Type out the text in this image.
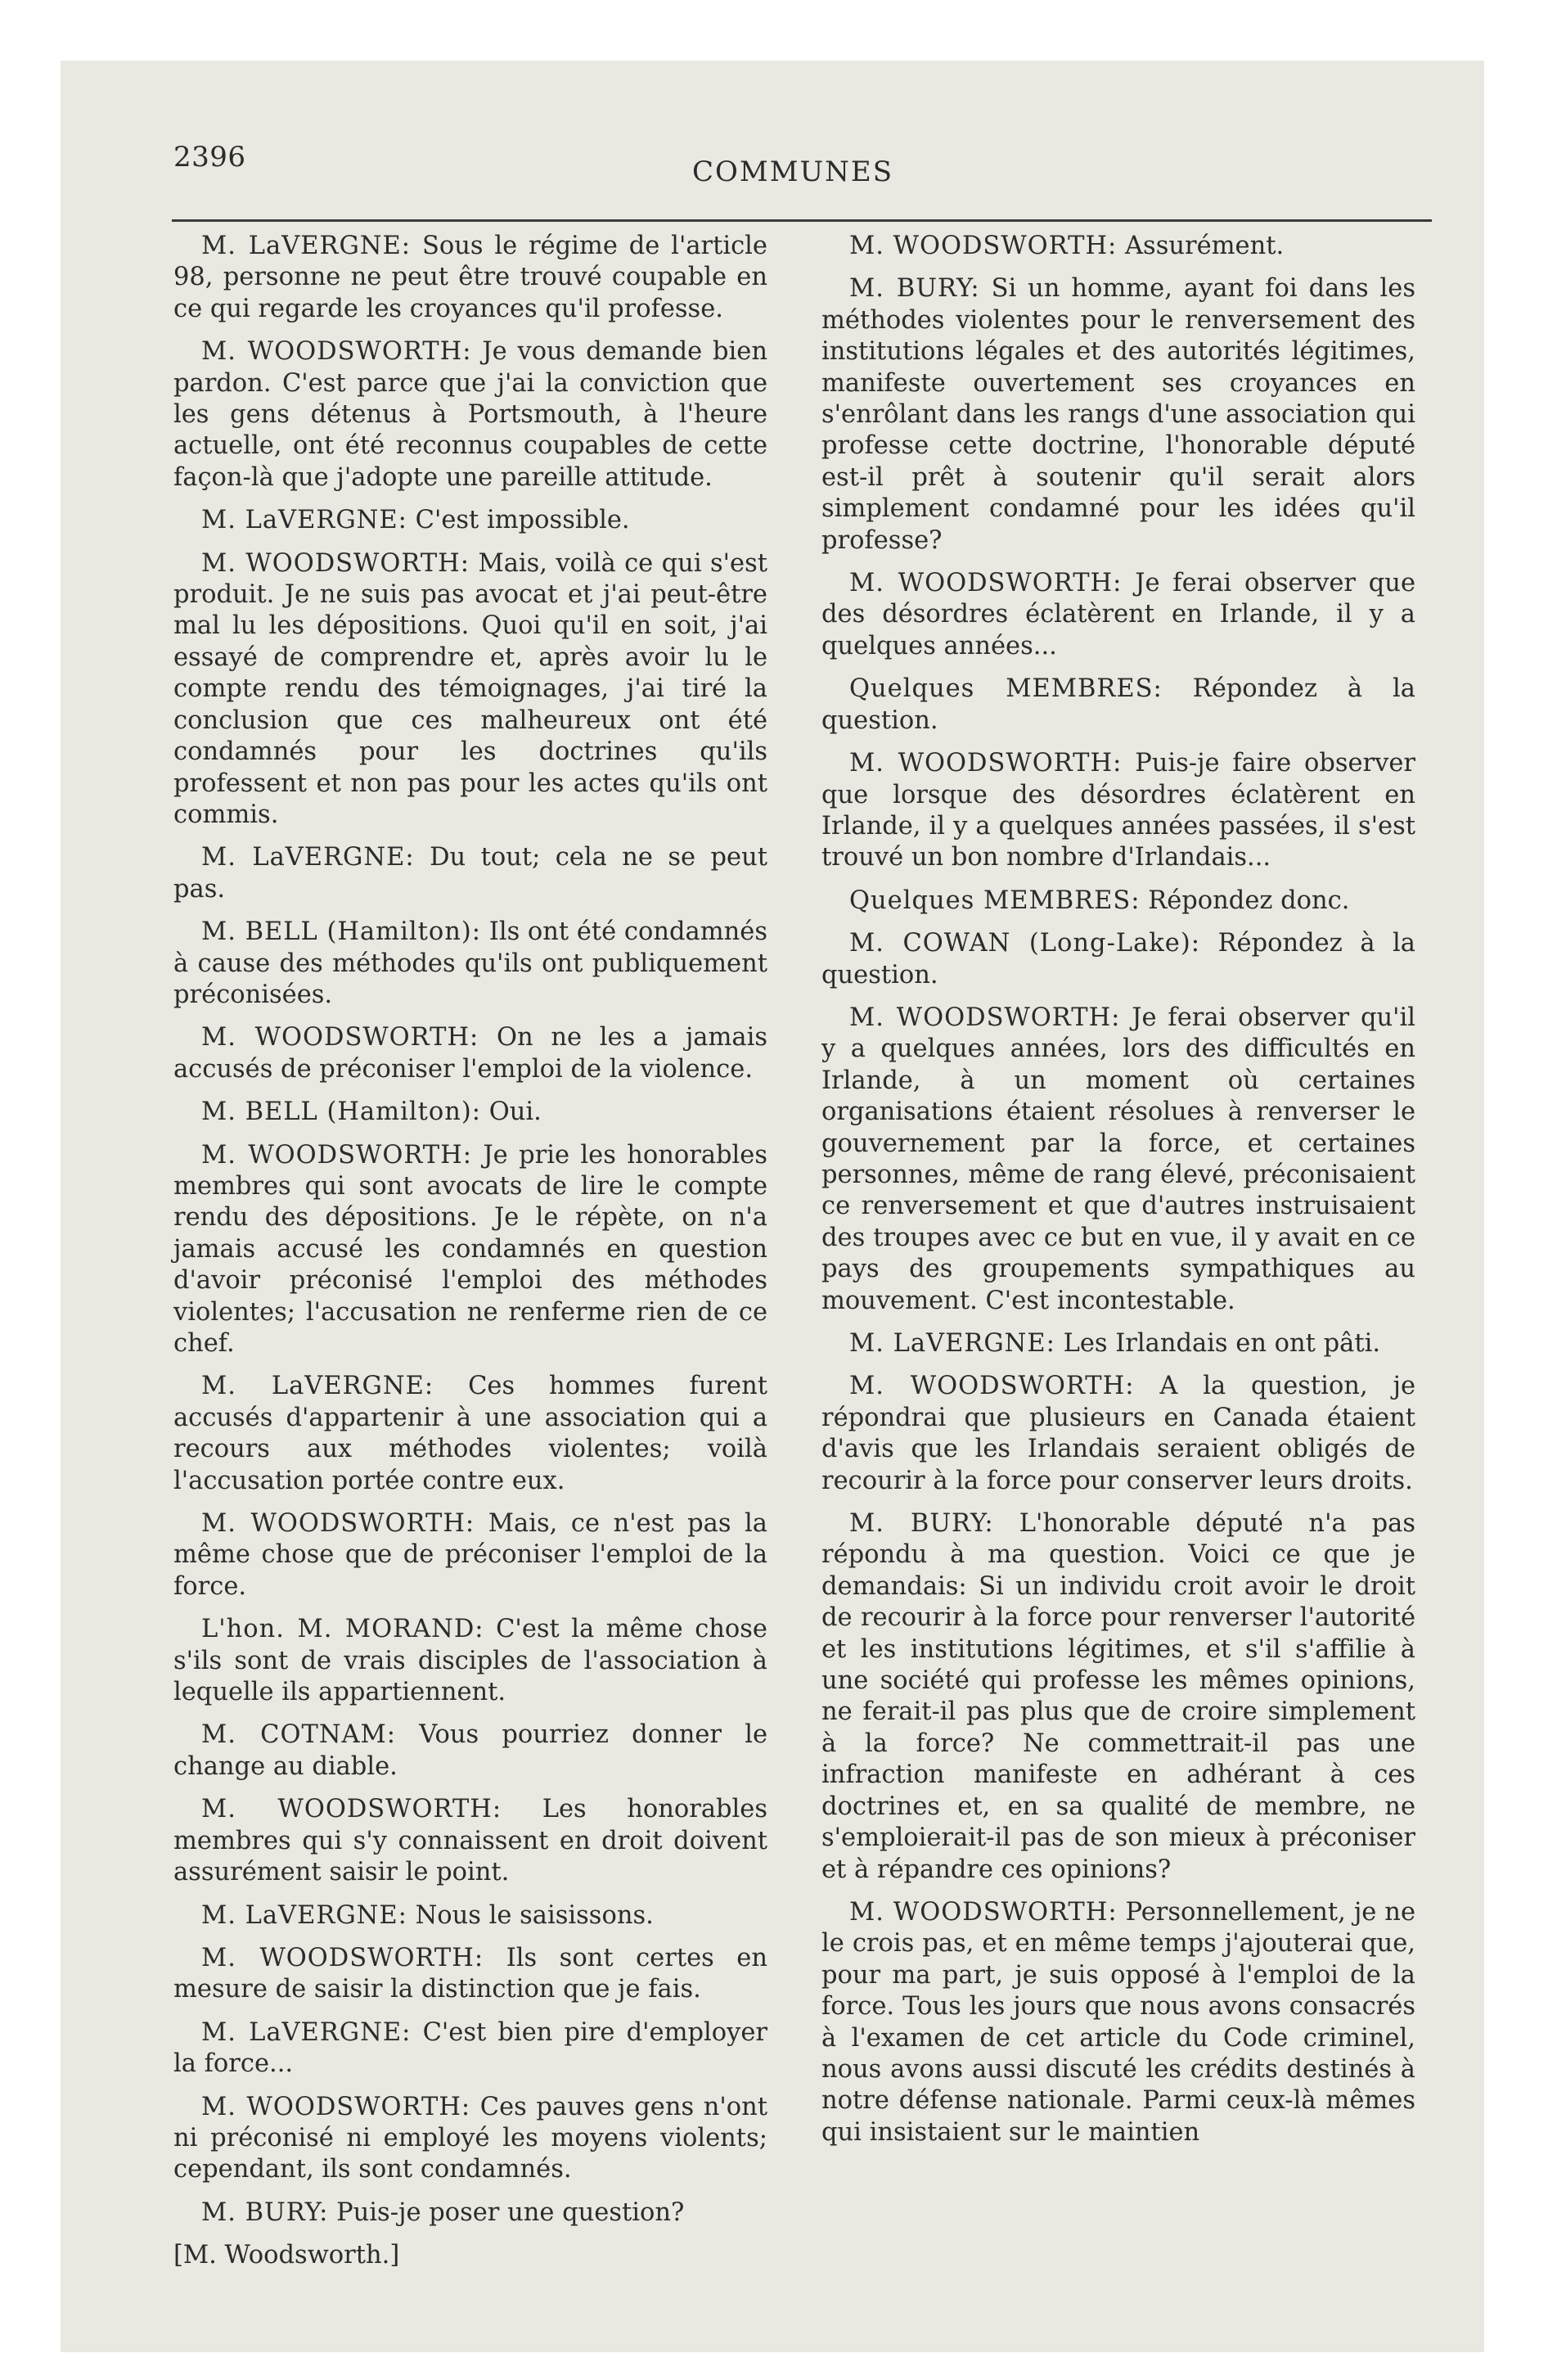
2396	COMMUNES

M. LaVERGNE: Sous le régime de l'article 98, personne ne peut être trouvé coupable en ce qui regarde les croyances qu'il professe.

M. WOODSWORTH: Je vous demande bien pardon. C'est parce que j'ai la conviction que les gens détenus à Portsmouth, à l'heure actuelle, ont été reconnus coupables de cette façon-là que j'adopte une pareille attitude.

M. LaVERGNE: C'est impossible.

M. WOODSWORTH: Mais, voilà ce qui s'est produit. Je ne suis pas avocat et j'ai peut-être mal lu les dépositions. Quoi qu'il en soit, j'ai essayé de comprendre et, après avoir lu le compte rendu des témoignages, j'ai tiré la conclusion que ces malheureux ont été condamnés pour les doctrines qu'ils professent et non pas pour les actes qu'ils ont commis.

M. LaVERGNE: Du tout; cela ne se peut pas.

M. BELL (Hamilton): Ils ont été condamnés à cause des méthodes qu'ils ont publiquement préconisées.

M. WOODSWORTH: On ne les a jamais accusés de préconiser l'emploi de la violence.

M. BELL (Hamilton): Oui.

M. WOODSWORTH: Je prie les honorables membres qui sont avocats de lire le compte rendu des dépositions. Je le répète, on n'a jamais accusé les condamnés en question d'avoir préconisé l'emploi des méthodes violentes; l'accusation ne renferme rien de ce chef.

M. LaVERGNE: Ces hommes furent accusés d'appartenir à une association qui a recours aux méthodes violentes; voilà l'accusation portée contre eux.

M. WOODSWORTH: Mais, ce n'est pas la même chose que de préconiser l'emploi de la force.

L'hon. M. MORAND: C'est la même chose s'ils sont de vrais disciples de l'association à lequelle ils appartiennent.

M. COTNAM: Vous pourriez donner le change au diable.

M. WOODSWORTH: Les honorables membres qui s'y connaissent en droit doivent assurément saisir le point.

M. LaVERGNE: Nous le saisissons.

M. WOODSWORTH: Ils sont certes en mesure de saisir la distinction que je fais.

M. LaVERGNE: C'est bien pire d'employer la force...

M. WOODSWORTH: Ces pauves gens n'ont ni préconisé ni employé les moyens violents; cependant, ils sont condamnés.

M. BURY: Puis-je poser une question?

[M. Woodsworth.]

M. WOODSWORTH: Assurément.

M. BURY: Si un homme, ayant foi dans les méthodes violentes pour le renversement des institutions légales et des autorités légitimes, manifeste ouvertement ses croyances en s'enrôlant dans les rangs d'une association qui professe cette doctrine, l'honorable député est-il prêt à soutenir qu'il serait alors simplement condamné pour les idées qu'il professe?

M. WOODSWORTH: Je ferai observer que des désordres éclatèrent en Irlande, il y a quelques années...

Quelques MEMBRES: Répondez à la question.

M. WOODSWORTH: Puis-je faire observer que lorsque des désordres éclatèrent en Irlande, il y a quelques années passées, il s'est trouvé un bon nombre d'Irlandais...

Quelques MEMBRES: Répondez donc.

M. COWAN (Long-Lake): Répondez à la question.

M. WOODSWORTH: Je ferai observer qu'il y a quelques années, lors des difficultés en Irlande, à un moment où certaines organisations étaient résolues à renverser le gouvernement par la force, et certaines personnes, même de rang élevé, préconisaient ce renversement et que d'autres instruisaient des troupes avec ce but en vue, il y avait en ce pays des groupements sympathiques au mouvement. C'est incontestable.

M. LaVERGNE: Les Irlandais en ont pâti.

M. WOODSWORTH: A la question, je répondrai que plusieurs en Canada étaient d'avis que les Irlandais seraient obligés de recourir à la force pour conserver leurs droits.

M. BURY: L'honorable député n'a pas répondu à ma question. Voici ce que je demandais: Si un individu croit avoir le droit de recourir à la force pour renverser l'autorité et les institutions légitimes, et s'il s'affilie à une société qui professe les mêmes opinions, ne ferait-il pas plus que de croire simplement à la force? Ne commettrait-il pas une infraction manifeste en adhérant à ces doctrines et, en sa qualité de membre, ne s'emploierait-il pas de son mieux à préconiser et à répandre ces opinions?

M. WOODSWORTH: Personnellement, je ne le crois pas, et en même temps j'ajouterai que, pour ma part, je suis opposé à l'emploi de la force. Tous les jours que nous avons consacrés à l'examen de cet article du Code criminel, nous avons aussi discuté les crédits destinés à notre défense nationale. Parmi ceux-là mêmes qui insistaient sur le maintien
